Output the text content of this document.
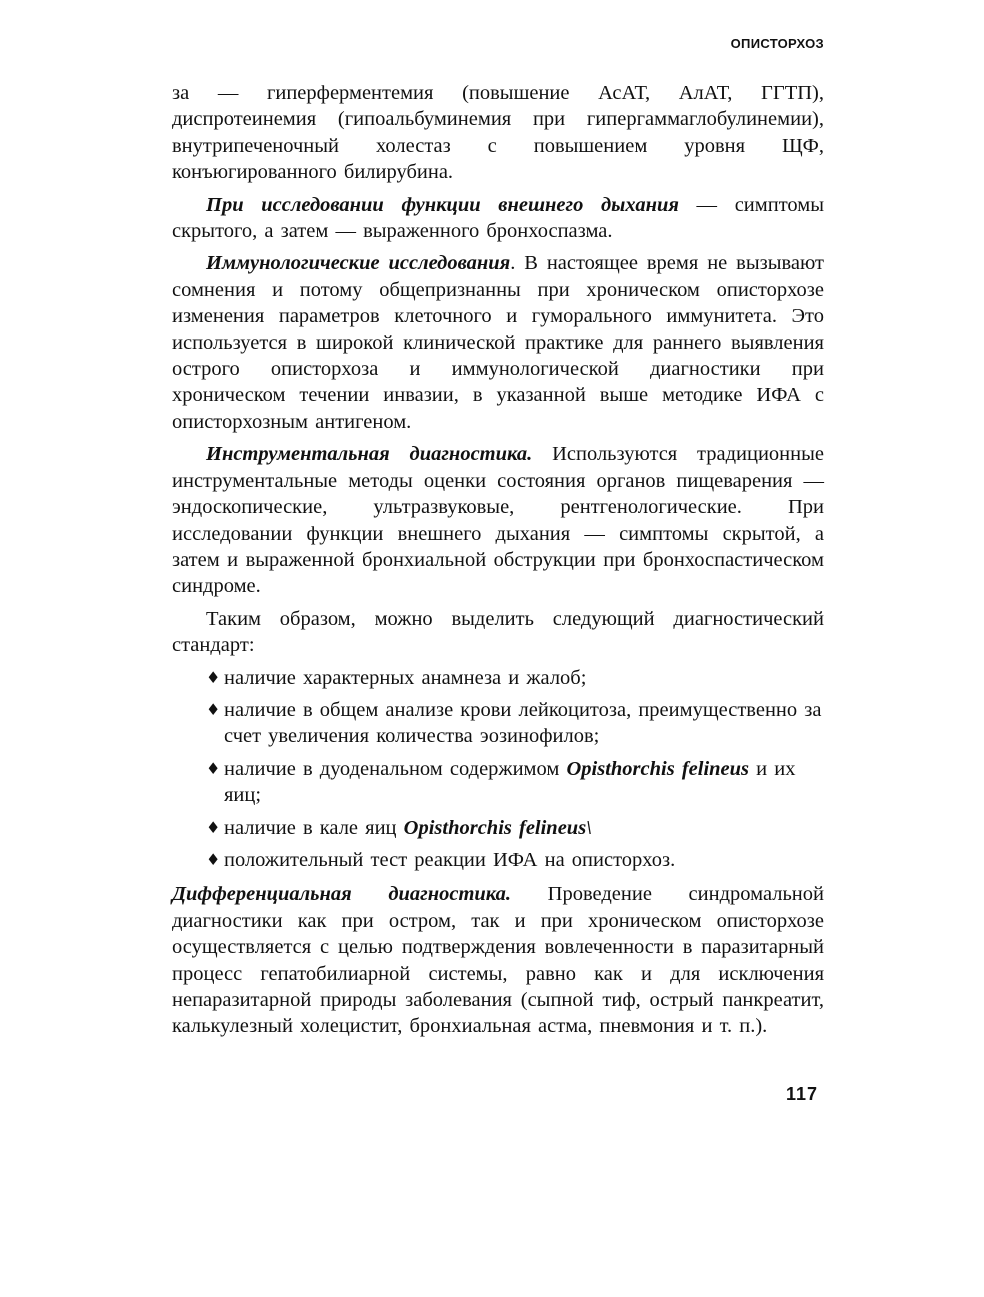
ОПИСТОРХОЗ

за — гиперферментемия (повышение АсАТ, АлАТ, ГГТП), диспротеинемия (гипоальбуминемия при гипергаммаглобулинемии), внутрипеченочный холестаз с повышением уровня ЩФ, конъюгированного билирубина.

При исследовании функции внешнего дыхания — симптомы скрытого, а затем — выраженного бронхоспазма.

Иммунологические исследования. В настоящее время не вызывают сомнения и потому общепризнанны при хроническом описторхозе изменения параметров клеточного и гуморального иммунитета. Это используется в широкой клинической практике для раннего выявления острого описторхоза и иммунологической диагностики при хроническом течении инвазии, в указанной выше методике ИФА с описторхозным антигеном.

Инструментальная диагностика. Используются традиционные инструментальные методы оценки состояния органов пищеварения — эндоскопические, ультразвуковые, рентгенологические. При исследовании функции внешнего дыхания — симптомы скрытой, а затем и выраженной бронхиальной обструкции при бронхоспастическом синдроме.

Таким образом, можно выделить следующий диагностический стандарт:

♦ наличие характерных анамнеза и жалоб;
♦ наличие в общем анализе крови лейкоцитоза, преимущественно за счет увеличения количества эозинофилов;
♦ наличие в дуоденальном содержимом Opisthorchis felineus и их яиц;
♦ наличие в кале яиц Opisthorchis felineus\
♦ положительный тест реакции ИФА на описторхоз.

Дифференциальная диагностика. Проведение синдромальной диагностики как при остром, так и при хроническом описторхозе осуществляется с целью подтверждения вовлеченности в паразитарный процесс гепатобилиарной системы, равно как и для исключения непаразитарной природы заболевания (сыпной тиф, острый панкреатит, калькулезный холецистит, бронхиальная астма, пневмония и т. п.).

117
